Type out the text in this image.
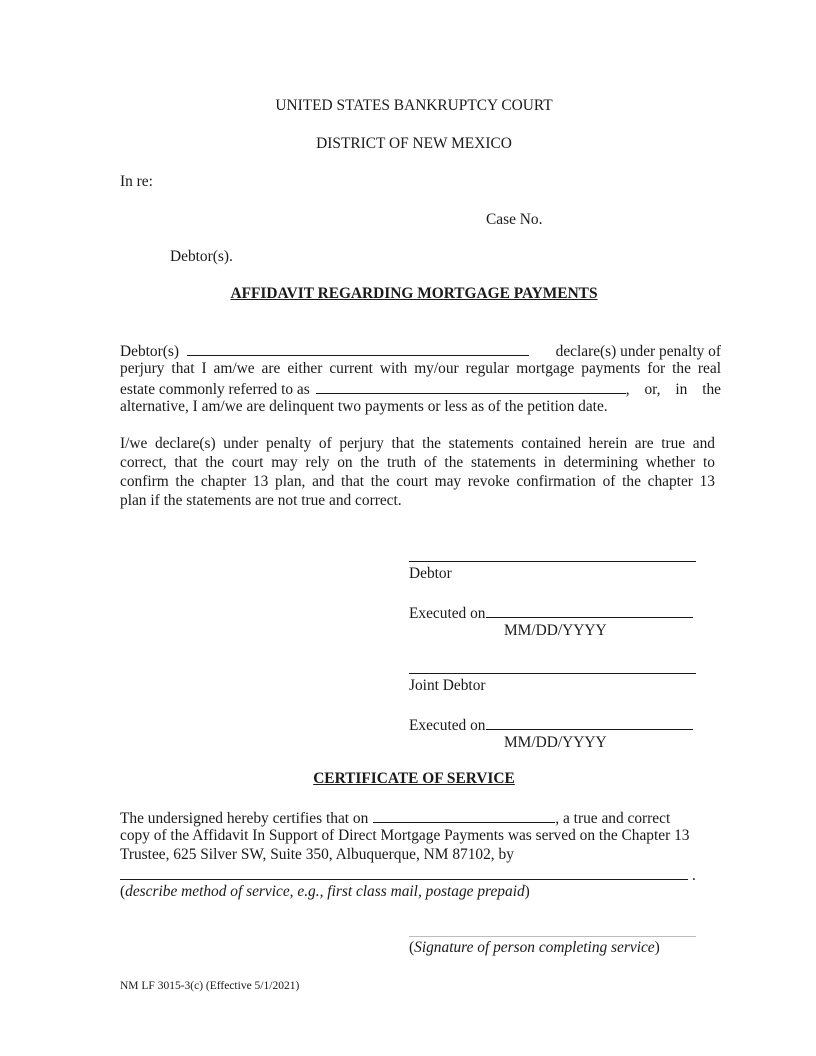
UNITED STATES BANKRUPTCY COURT
DISTRICT OF NEW MEXICO
In re:
Case No.
Debtor(s).
AFFIDAVIT REGARDING MORTGAGE PAYMENTS
Debtor(s)	declare(s) under penalty of
perjury that I am/we are either current with my/our regular mortgage payments for the real
estate commonly referred to as	, or, in the
alternative, I am/we are delinquent two payments or less as of the petition date.
I/we declare(s) under penalty of perjury that the statements contained herein are true and
correct, that the court may rely on the truth of the statements in determining whether to
confirm the chapter 13 plan, and that the court may revoke confirmation of the chapter 13
plan if the statements are not true and correct.
Debtor
Executed on
MM/DD/YYYY
Joint Debtor
Executed on
MM/DD/YYYY
CERTIFICATE OF SERVICE
The undersigned hereby certifies that on	, a true and correct
copy of the Affidavit In Support of Direct Mortgage Payments was served on the Chapter 13
Trustee, 625 Silver SW, Suite 350, Albuquerque, NM 87102, by
.
(describe method of service, e.g., first class mail, postage prepaid)
(Signature of person completing service)
NM LF 3015-3(c) (Effective 5/1/2021)
